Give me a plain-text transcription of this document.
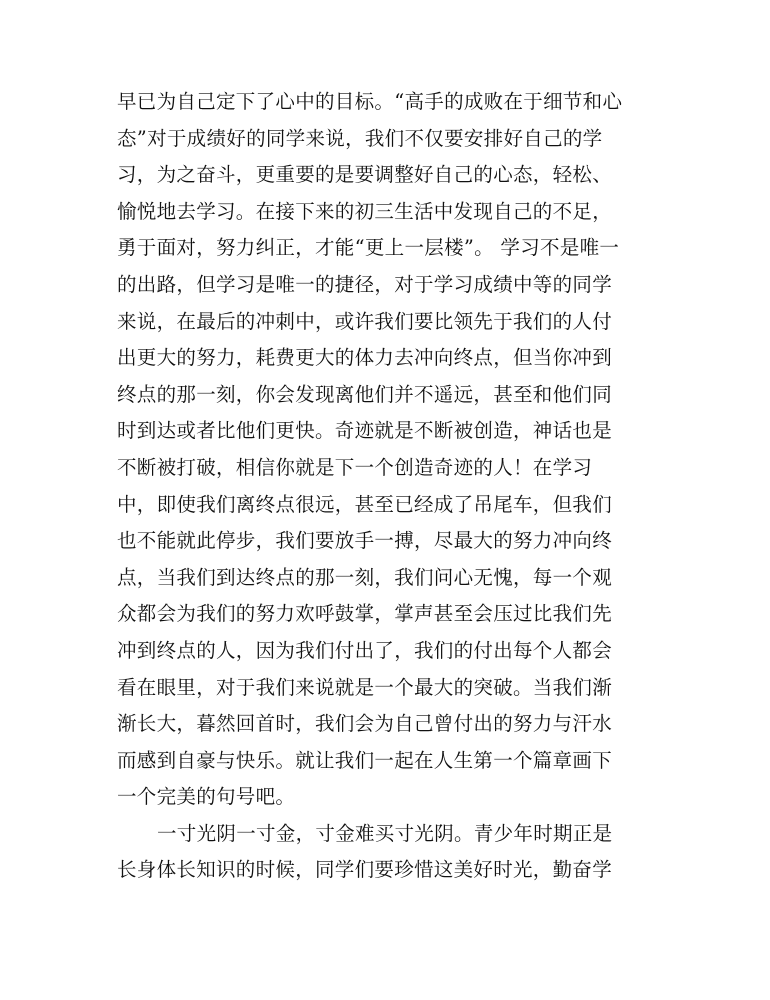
早已为自己定下了心中的目标。“高手的成败在于细节和心
态”对于成绩好的同学来说，我们不仅要安排好自己的学
习，为之奋斗，更重要的是要调整好自己的心态，轻松、
愉悦地去学习。在接下来的初三生活中发现自己的不足，
勇于面对，努力纠正，才能“更上一层楼”。 学习不是唯一
的出路，但学习是唯一的捷径，对于学习成绩中等的同学
来说，在最后的冲刺中，或许我们要比领先于我们的人付
出更大的努力，耗费更大的体力去冲向终点，但当你冲到
终点的那一刻，你会发现离他们并不遥远，甚至和他们同
时到达或者比他们更快。奇迹就是不断被创造，神话也是
不断被打破，相信你就是下一个创造奇迹的人！在学习
中，即使我们离终点很远，甚至已经成了吊尾车，但我们
也不能就此停步，我们要放手一搏，尽最大的努力冲向终
点，当我们到达终点的那一刻，我们问心无愧，每一个观
众都会为我们的努力欢呼鼓掌，掌声甚至会压过比我们先
冲到终点的人，因为我们付出了，我们的付出每个人都会
看在眼里，对于我们来说就是一个最大的突破。当我们渐
渐长大，暮然回首时，我们会为自己曾付出的努力与汗水
而感到自豪与快乐。就让我们一起在人生第一个篇章画下
一个完美的句号吧。
一寸光阴一寸金，寸金难买寸光阴。青少年时期正是
长身体长知识的时候，同学们要珍惜这美好时光，勤奋学
